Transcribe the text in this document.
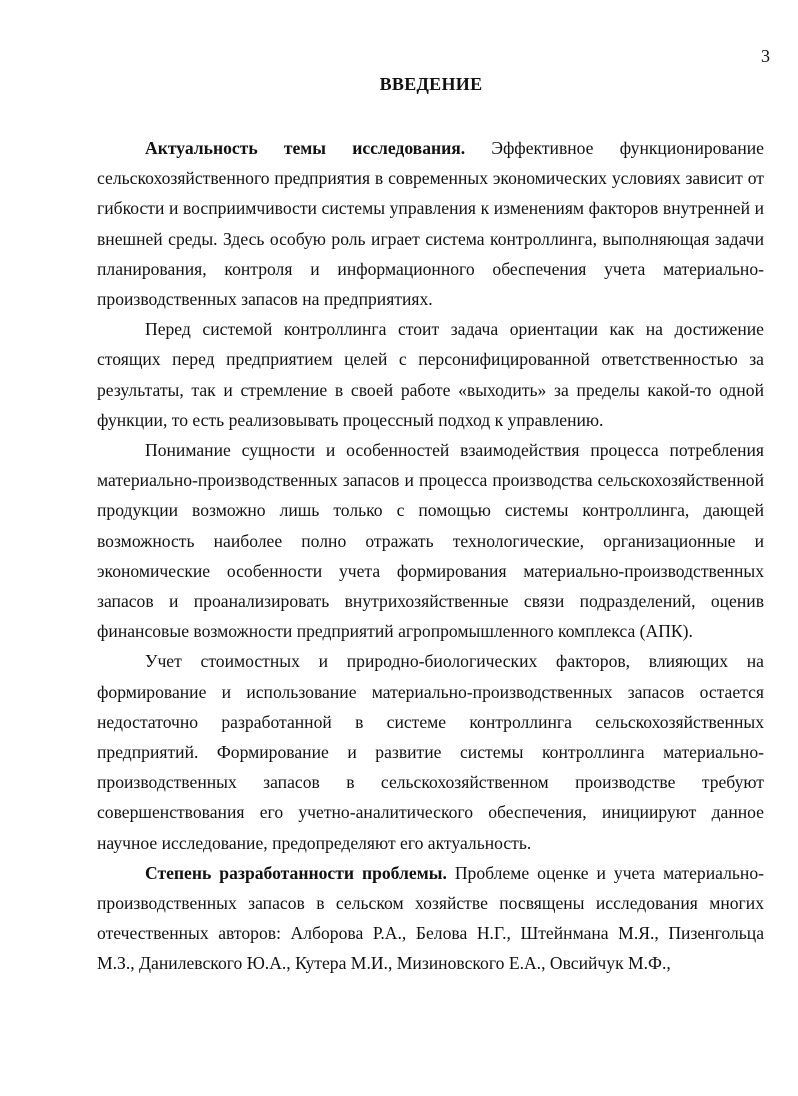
3
ВВЕДЕНИЕ

Актуальность темы исследования. Эффективное функционирование сельскохозяйственного предприятия в современных экономических условиях зависит от гибкости и восприимчивости системы управления к изменениям факторов внутренней и внешней среды. Здесь особую роль играет система контроллинга, выполняющая задачи планирования, контроля и информационного обеспечения учета материально-производственных запасов на предприятиях.

Перед системой контроллинга стоит задача ориентации как на достижение стоящих перед предприятием целей с персонифицированной ответственностью за результаты, так и стремление в своей работе «выходить» за пределы какой-то одной функции, то есть реализовывать процессный подход к управлению.

Понимание сущности и особенностей взаимодействия процесса потребления материально-производственных запасов и процесса производства сельскохозяйственной продукции возможно лишь только с помощью системы контроллинга, дающей возможность наиболее полно отражать технологические, организационные и экономические особенности учета формирования материально-производственных запасов и проанализировать внутрихозяйственные связи подразделений, оценив финансовые возможности предприятий агропромышленного комплекса (АПК).

Учет стоимостных и природно-биологических факторов, влияющих на формирование и использование материально-производственных запасов остается недостаточно разработанной в системе контроллинга сельскохозяйственных предприятий. Формирование и развитие системы контроллинга материально-производственных запасов в сельскохозяйственном производстве требуют совершенствования его учетно-аналитического обеспечения, инициируют данное научное исследование, предопределяют его актуальность.

Степень разработанности проблемы. Проблеме оценке и учета материально-производственных запасов в сельском хозяйстве посвящены исследования многих отечественных авторов: Алборова Р.А., Белова Н.Г., Штейнмана М.Я., Пизенгольца М.З., Данилевского Ю.А., Кутера М.И., Мизиновского Е.А., Овсийчук М.Ф.,
